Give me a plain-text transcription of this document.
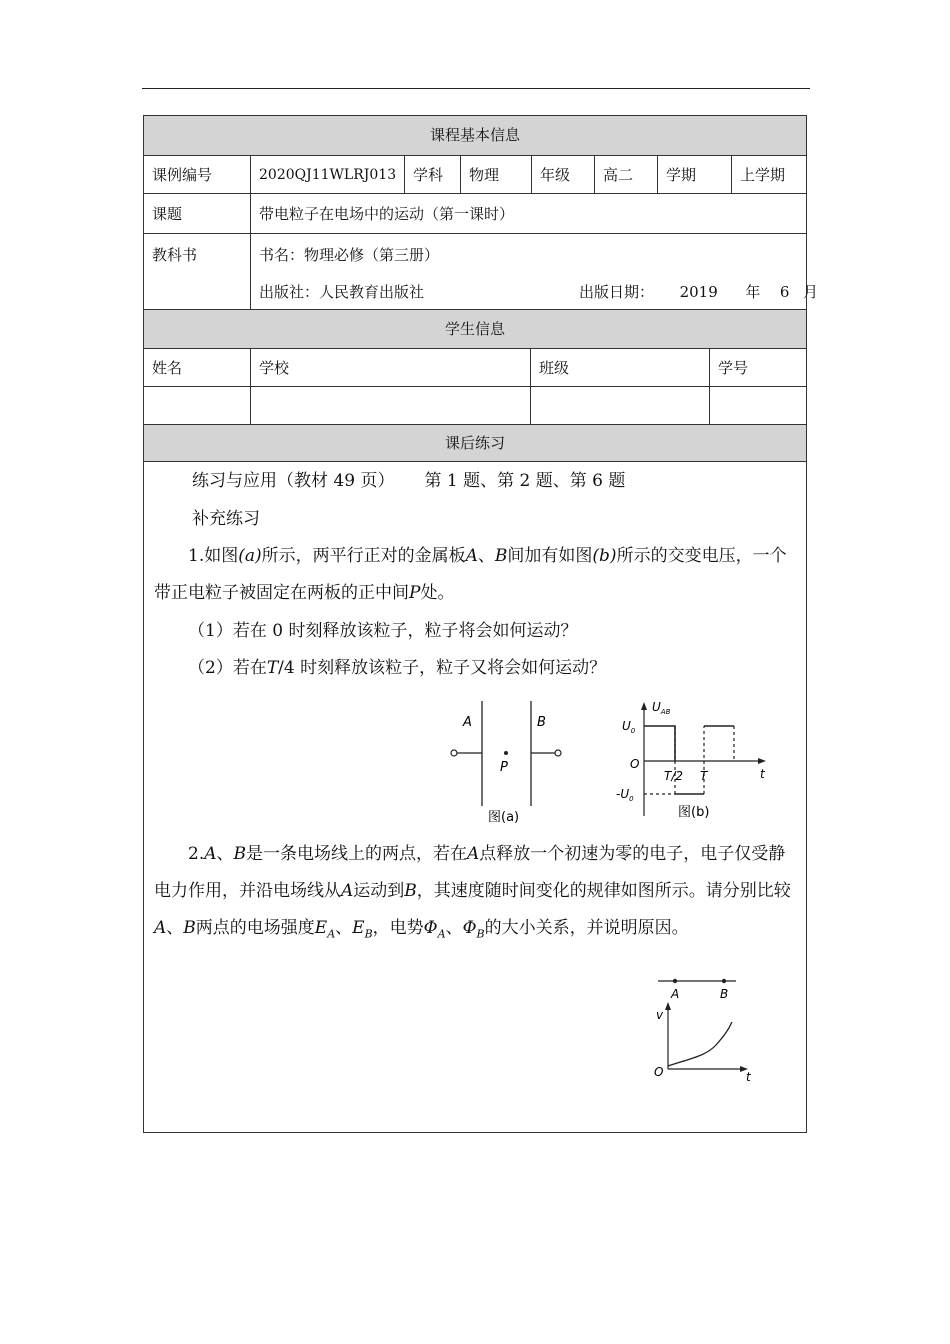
课程基本信息
课例编号	2020QJ11WLRJ013	学科	物理	年级	高二	学期	上学期
课题	带电粒子在电场中的运动（第一课时）
教科书	书名：物理必修（第三册）
出版社：人民教育出版社	出版日期： 2019 年 6 月
学生信息
姓名	学校	班级	学号
课后练习
练习与应用（教材 49 页） 第 1 题、第 2 题、第 6 题
补充练习
1.如图(a)所示，两平行正对的金属板A、B间加有如图(b)所示的交变电压，一个带正电粒子被固定在两板的正中间P处。
（1）若在 0 时刻释放该粒子，粒子将会如何运动？
（2）若在T/4 时刻释放该粒子，粒子又将会如何运动？
A	B
P
图(a)
$U_{AB}$
$U_0$
O
t
T/2 T
$-U_0$
图(b)
2.A、B是一条电场线上的两点，若在A点释放一个初速为零的电子，电子仅受静电力作用，并沿电场线从A运动到B，其速度随时间变化的规律如图所示。请分别比较A、B两点的电场强度$E_A$、$E_B$，电势$\Phi_A$、$\Phi_B$的大小关系，并说明原因。
A	B
v
O	t
